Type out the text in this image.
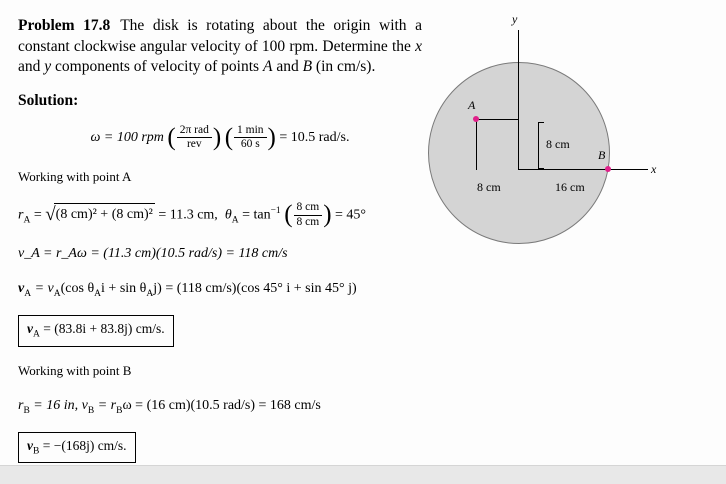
Problem 17.8 The disk is rotating about the origin with a constant clockwise angular velocity of 100 rpm. Determine the x and y components of velocity of points A and B (in cm/s).

Solution:

ω = 100 rpm ( $\frac{\text{2π rad}}{\text{rev}}$ ) ( $\frac{1 \min}{60 s}$ ) = 10.5 rad/s.

Working with point A

$r_A = √(8$ cm)² + (8 cm)² = 11.3 cm, $\theta_A = \tan^{-1}$ ( $\frac{8 cm}{8 cm}$ ) = 45°

v_A = r_Aω = (11.3 cm)(10.5 rad/s) = 118 cm/s

$v_A = v_A(\cos$ $\theta_Ai + \sin \theta_Aj) = (118$ cm/s)(cos 45° i + sin 45° j)

$v_A = (83.8i + 83.8j)$ cm/s.

Working with point B

$r_B = 16$ in, $v_B = r_B\omega = (16$ cm)(10.5 rad/s) = 168 cm/s

$v_B = -(168j)$ cm/s.
y
x
A
B
8 cm
8 cm	16 cm
